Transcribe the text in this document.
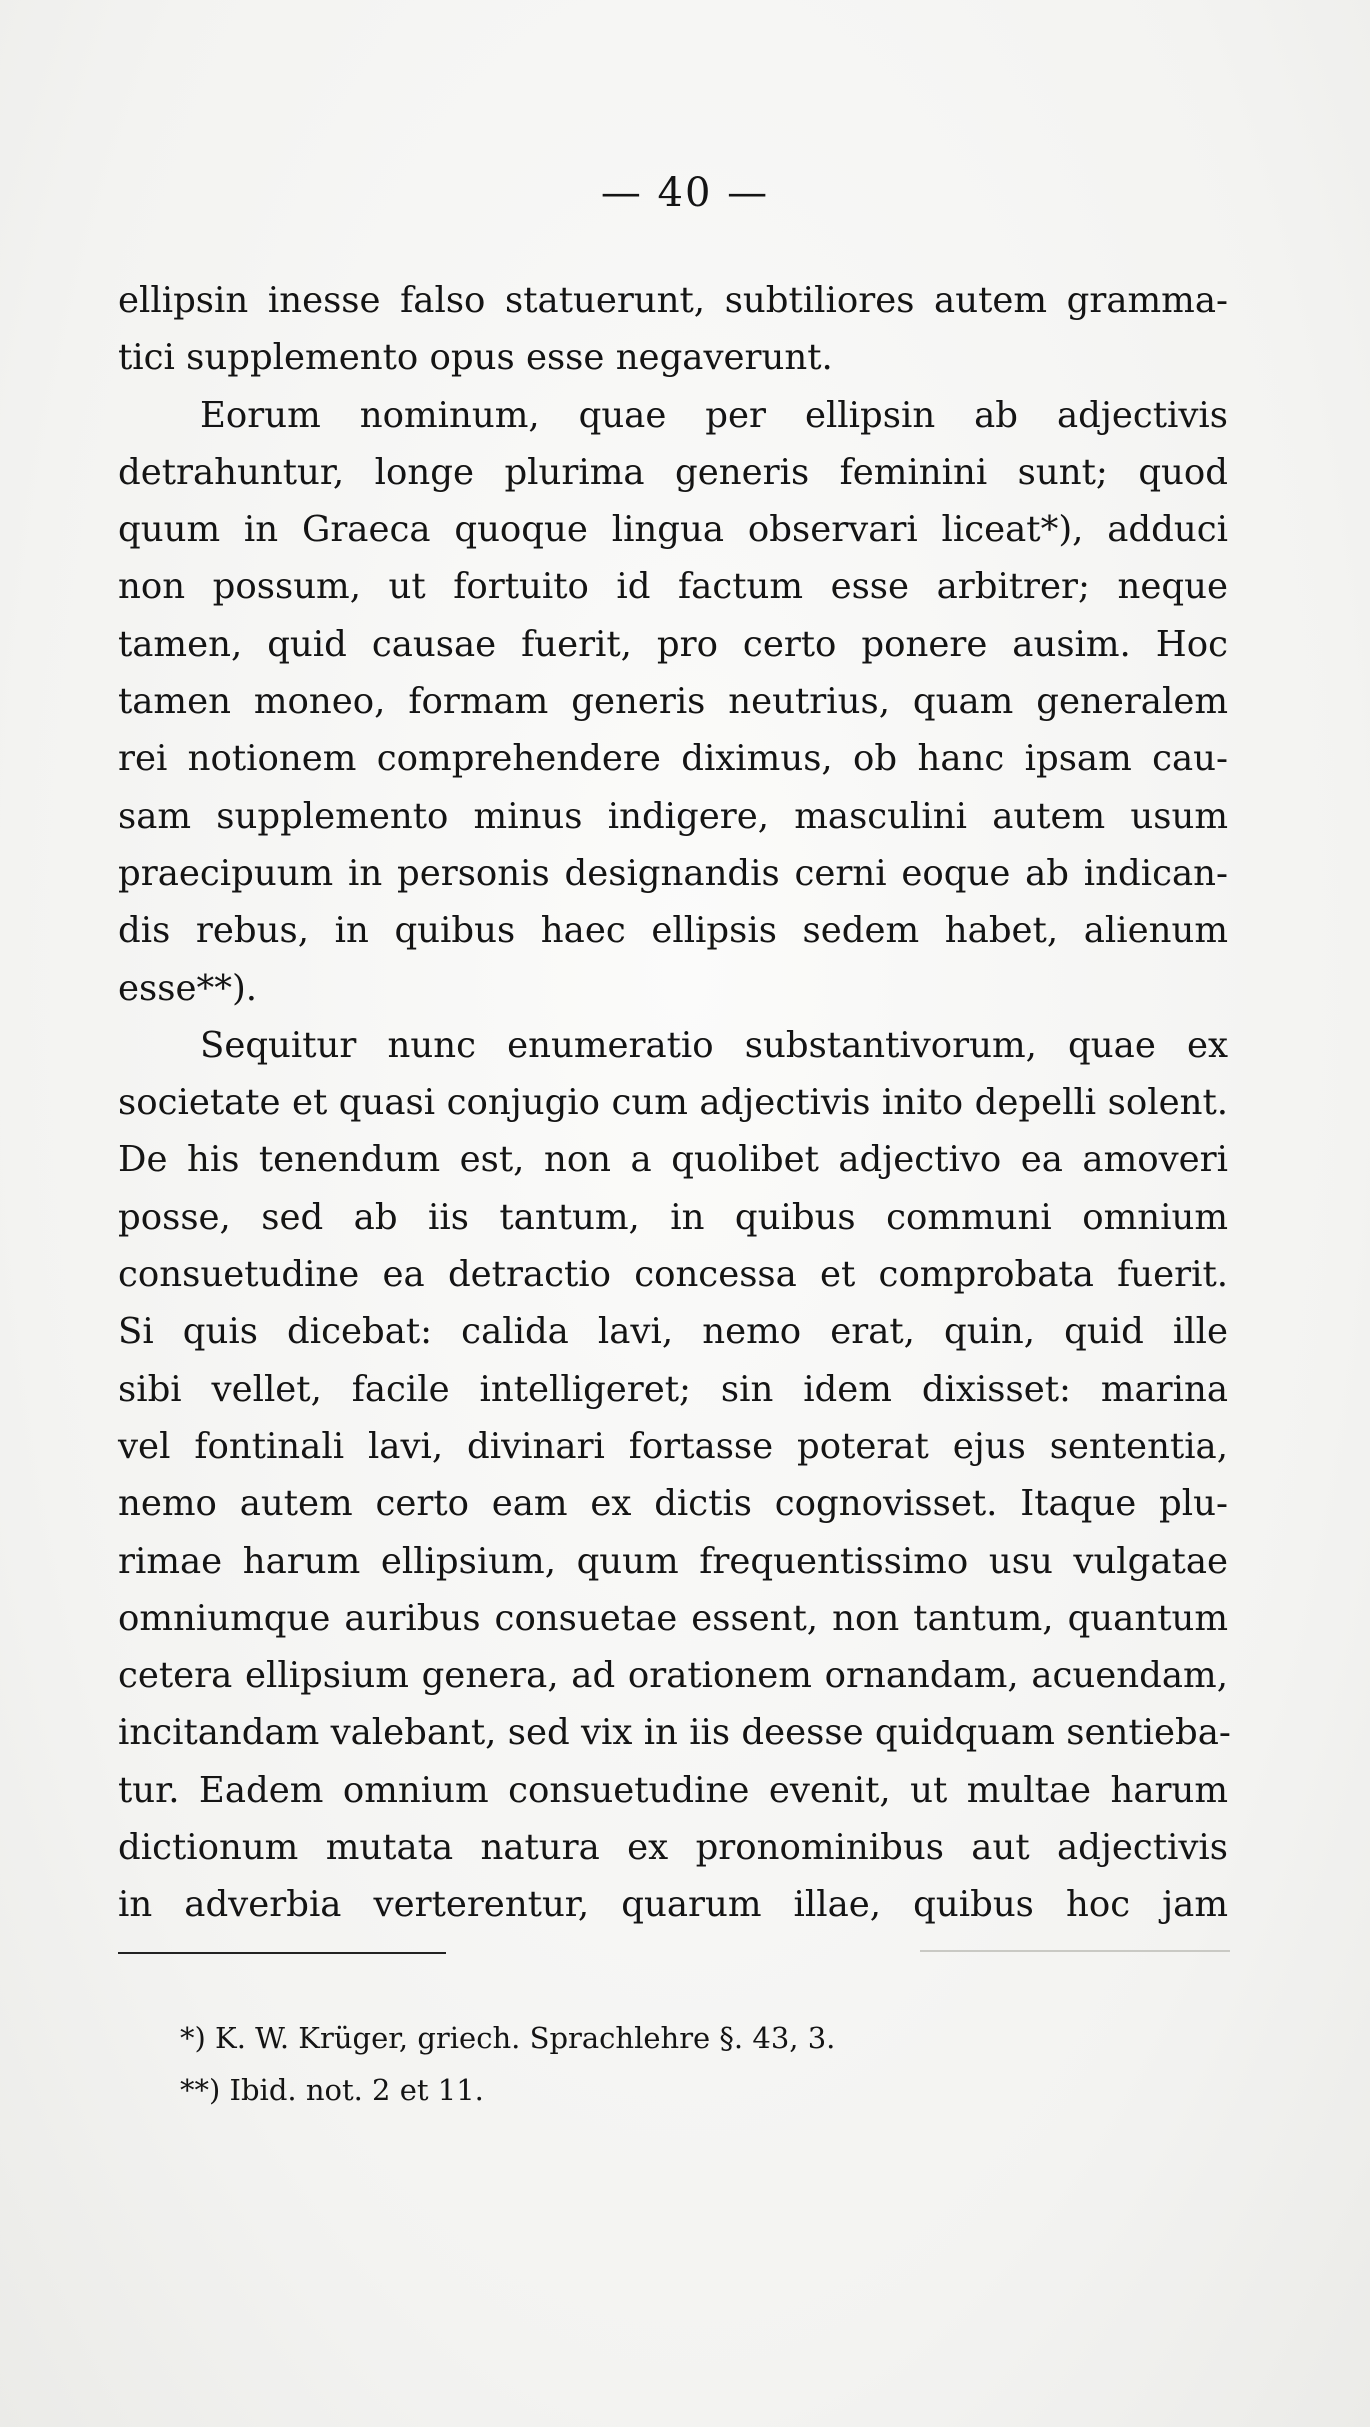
— 40 —
ellipsin inesse falso statuerunt, subtiliores autem gramma-
tici supplemento opus esse negaverunt.
Eorum nominum, quae per ellipsin ab adjectivis
detrahuntur, longe plurima generis feminini sunt; quod
quum in Graeca quoque lingua observari liceat*), adduci
non possum, ut fortuito id factum esse arbitrer; neque
tamen, quid causae fuerit, pro certo ponere ausim. Hoc
tamen moneo, formam generis neutrius, quam generalem
rei notionem comprehendere diximus, ob hanc ipsam cau-
sam supplemento minus indigere, masculini autem usum
praecipuum in personis designandis cerni eoque ab indican-
dis rebus, in quibus haec ellipsis sedem habet, alienum
esse**).
Sequitur nunc enumeratio substantivorum, quae ex
societate et quasi conjugio cum adjectivis inito depelli solent.
De his tenendum est, non a quolibet adjectivo ea amoveri
posse, sed ab iis tantum, in quibus communi omnium
consuetudine ea detractio concessa et comprobata fuerit.
Si quis dicebat: calida lavi, nemo erat, quin, quid ille
sibi vellet, facile intelligeret; sin idem dixisset: marina
vel fontinali lavi, divinari fortasse poterat ejus sententia,
nemo autem certo eam ex dictis cognovisset. Itaque plu-
rimae harum ellipsium, quum frequentissimo usu vulgatae
omniumque auribus consuetae essent, non tantum, quantum
cetera ellipsium genera, ad orationem ornandam, acuendam,
incitandam valebant, sed vix in iis deesse quidquam sentieba-
tur. Eadem omnium consuetudine evenit, ut multae harum
dictionum mutata natura ex pronominibus aut adjectivis
in adverbia verterentur, quarum illae, quibus hoc jam
*) K. W. Krüger, griech. Sprachlehre §. 43, 3.
**) Ibid. not. 2 et 11.
